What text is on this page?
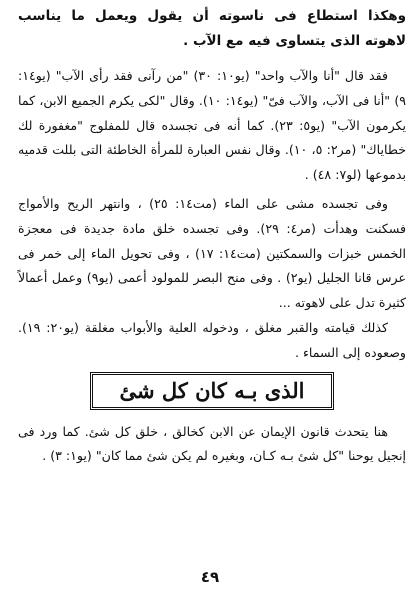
وهكذا استطاع فى ناسوته أن يقول ويعمل ما يناسب لاهوته الذى يتساوى فيه مع الآب .

فقد قال "أنا والآب واحد" (يو١٠: ٣٠) "من رآنى فقد رأى الآب" (يو١٤: ٩) "أنا فى الآب، والآب فىّ" (يو١٤: ١٠). وقال "لكى يكرم الجميع الابن، كما يكرمون الآب" (يو٥: ٢٣). كما أنه فى تجسده قال للمفلوج "مغفورة لك خطاياك" (مر٢: ٥، ١٠). وقال نفس العبارة للمرأة الخاطئة التى بللت قدميه بدموعها (لو٧: ٤٨) .

وفى تجسده مشى على الماء (مت١٤: ٢٥) ، وانتهر الريح والأمواج فسكنت وهدأت (مر٤: ٢٩). وفى تجسده خلق مادة جديدة فى معجزة الخمس خبزات والسمكتين (مت١٤: ١٧) ، وفى تحويل الماء إلى خمر فى عرس قانا الجليل (يو٢) . وفى منح البصر للمولود أعمى (يو٩) وعمل أعمالاً كثيرة تدل على لاهوته ...

كذلك قيامته والقبر مغلق ، ودخوله العلية والأبواب مغلقة (يو٢٠: ١٩). وصعوده إلى السماء .

الذى بـه كان كل شئ

هنا يتحدث قانون الإيمان عن الابن كخالق ، خلق كل شئ. كما ورد فى إنجيل يوحنا "كل شئ بـه كـان، وبغيره لم يكن شئ مما كان" (يو١: ٣) .

٤٩
